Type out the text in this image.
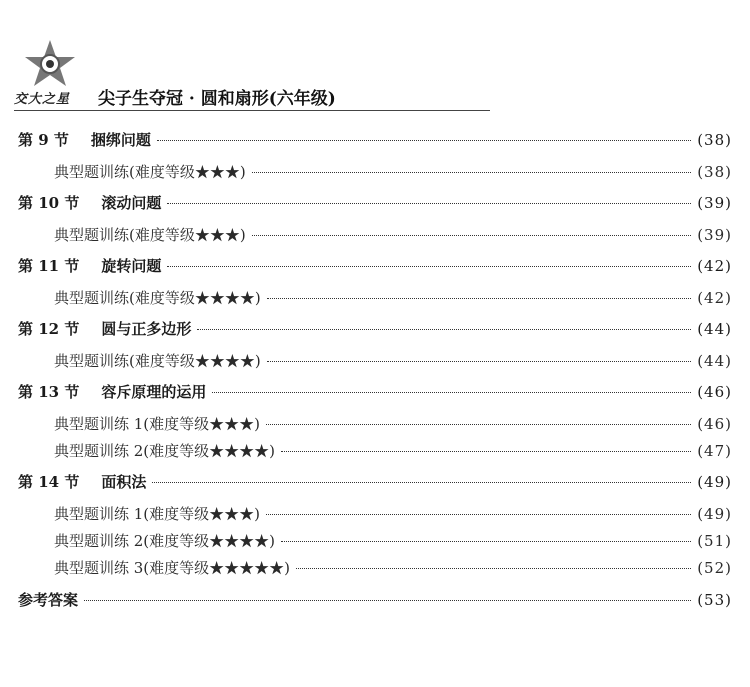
交大之星 尖子生夺冠 · 圆和扇形(六年级)
第 9 节 捆绑问题	(38)
典型题训练(难度等级★★★)	(38)
第 10 节 滚动问题	(39)
典型题训练(难度等级★★★)	(39)
第 11 节 旋转问题	(42)
典型题训练(难度等级★★★★)	(42)
第 12 节 圆与正多边形	(44)
典型题训练(难度等级★★★★)	(44)
第 13 节 容斥原理的运用	(46)
典型题训练 1(难度等级★★★)	(46)
典型题训练 2(难度等级★★★★)	(47)
第 14 节 面积法	(49)
典型题训练 1(难度等级★★★)	(49)
典型题训练 2(难度等级★★★★)	(51)
典型题训练 3(难度等级★★★★★)	(52)
参考答案	(53)
